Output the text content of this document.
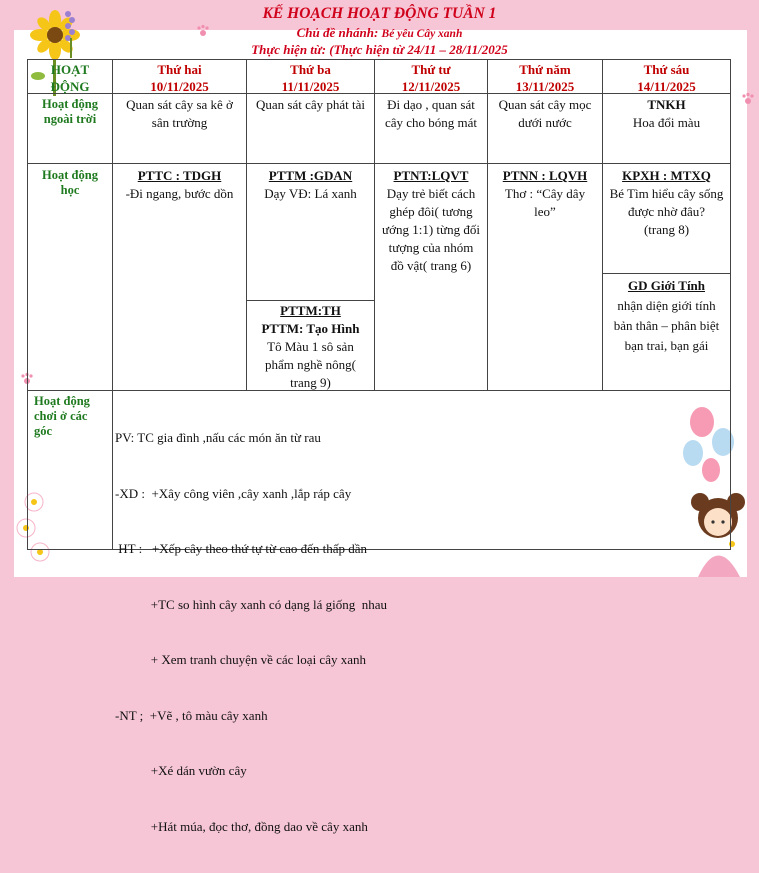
KẾ HOẠCH HOẠT ĐỘNG TUẦN 1
Chủ đề nhánh: Bé yêu Cây xanh
Thực hiện từ: (Thực hiện từ 24/11 – 28/11/2025
HOẠT
ĐỘNG
Thứ hai
10/11/2025
Thứ ba
11/11/2025
Thứ tư
12/11/2025
Thứ năm
13/11/2025
Thứ sáu
14/11/2025
Hoạt động
ngoài trời
Quan sát cây sa kê ở
sân trường
Quan sát cây phát tài	Đi dạo , quan sát
cây cho bóng mát
Quan sát cây mọc
dưới nước
TNKH
Hoa đổi màu
Hoạt động
học
PTTC : TDGH
-Đi ngang, bước dồn
PTTM :GDAN
Dạy VĐ: Lá xanh
PTTM:TH
PTTM: Tạo Hình
Tô Màu 1 sô sản
phẩm nghề nông(
trang 9)
PTNT:LQVT
Dạy trẻ biết cách
ghép đôi( tương
ướng 1:1) từng đối
tượng của nhóm
đồ vật( trang 6)
PTNN : LQVH
Thơ : “Cây dây
leo”
KPXH : MTXQ
Bé Tìm hiểu cây sống
được nhờ đâu?
(trang 8)
GD Giới Tính
nhận diện giới tính
bản thân – phân biệt
bạn trai, bạn gái
Hoạt động
chơi ở các
góc

	PV: TC gia đình ,nấu các món ăn từ rau

-XD :  +Xây công viên ,cây xanh ,lắp ráp cây

HT :   +Xếp cây theo thứ tự từ cao đến thấp dần

+TC so hình cây xanh có dạng lá giống  nhau

+ Xem tranh chuyện về các loại cây xanh

-NT ;  +Vẽ , tô màu cây xanh

+Xé dán vườn cây

+Hát múa, đọc thơ, đồng dao về cây xanh
